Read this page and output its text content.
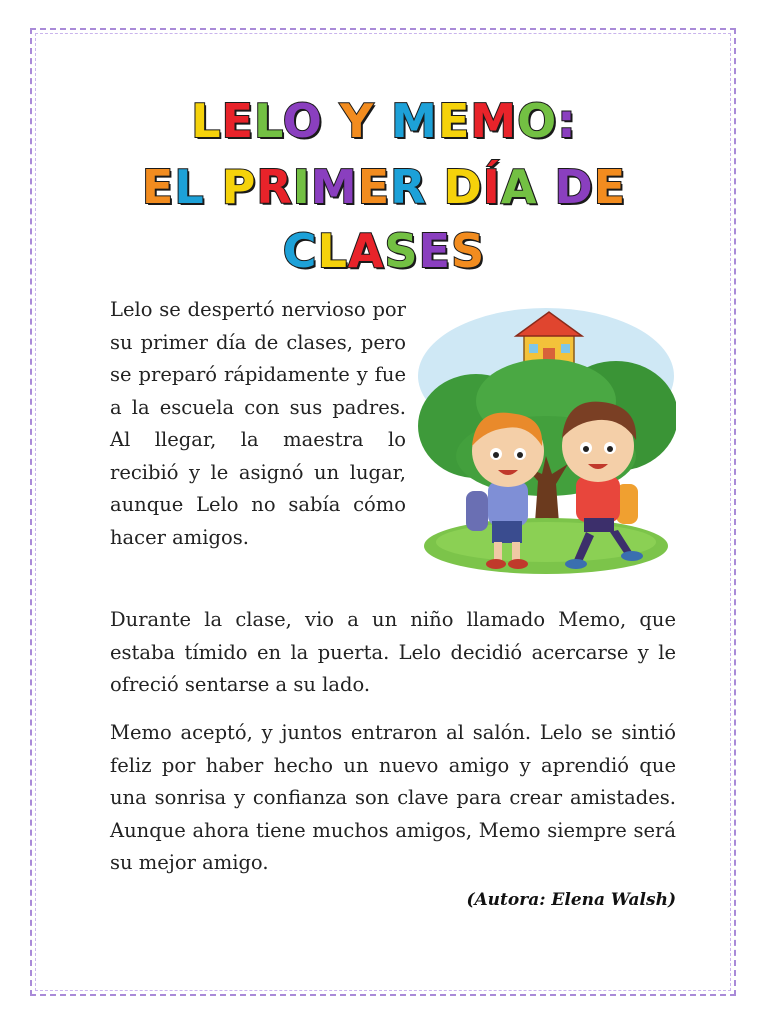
LELO Y MEMO:
EL PRIMER DÍA DE
CLASES

Lelo se despertó nervioso por su primer día de clases, pero se preparó rápidamente y fue a la escuela con sus padres. Al llegar, la maestra lo recibió y le asignó un lugar, aunque Lelo no sabía cómo hacer amigos.

Durante la clase, vio a un niño llamado Memo, que estaba tímido en la puerta. Lelo decidió acercarse y le ofreció sentarse a su lado.

Memo aceptó, y juntos entraron al salón. Lelo se sintió feliz por haber hecho un nuevo amigo y aprendió que una sonrisa y confianza son clave para crear amistades. Aunque ahora tiene muchos amigos, Memo siempre será su mejor amigo.

(Autora: Elena Walsh)
